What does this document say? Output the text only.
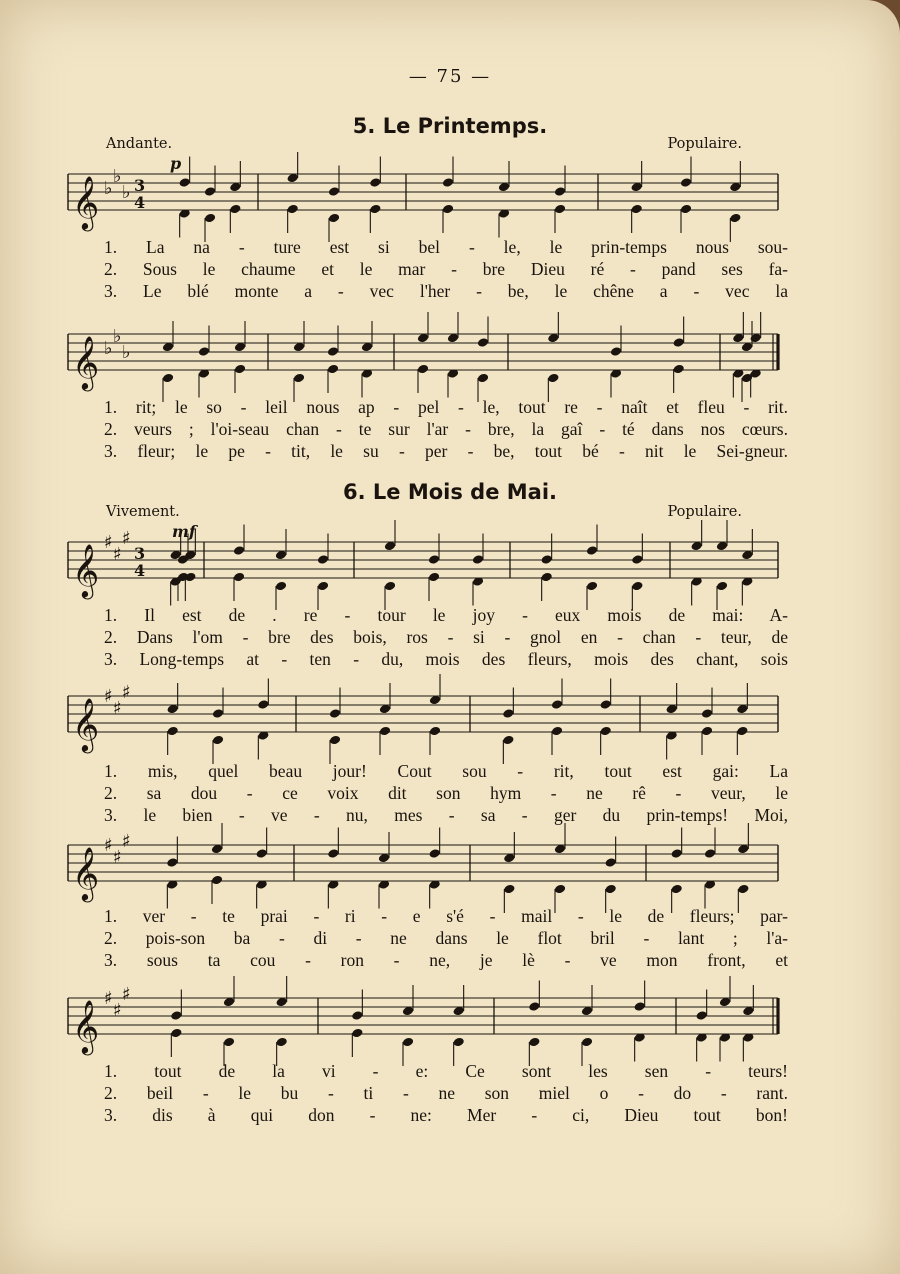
— 75 —
5. Le Printemps.
Andante.	Populaire.
p
1. La na - ture est si bel - le, le prin-temps nous sou-
2. Sous le chaume et le mar - bre Dieu ré - pand ses fa-
3. Le blé monte a - vec l'her - be, le chêne a - vec la
1. rit; le so - leil nous ap - pel - le, tout re - naît et fleu - rit.
2. veurs ; l'oi-seau chan - te sur l'ar - bre, la gaî - té dans nos cœurs.
3. fleur; le pe - tit, le su - per - be, tout bé - nit le Sei-gneur.
6. Le Mois de Mai.
Vivement.	Populaire.
mf
1. Il est de . re - tour le joy - eux mois de mai: A-
2. Dans l'om - bre des bois, ros - si - gnol en - chan - teur, de
3. Long-temps at - ten - du, mois des fleurs, mois des chant, sois
1. mis, quel beau jour! Cout sou - rit, tout est gai: La
2. sa dou - ce voix dit son hym - ne rê - veur, le
3. le bien - ve - nu, mes - sa - ger du prin-temps! Moi,
1. ver - te prai - ri - e s'é - mail - le de fleurs; par-
2. pois-son ba - di - ne dans le flot bril - lant ; l'a-
3. sous ta cou - ron - ne, je lè - ve mon front, et
1. tout de la vi - e: Ce sont les sen - teurs!
2. beil - le bu - ti - ne son miel o - do - rant.
3. dis à qui don - ne: Mer - ci, Dieu tout bon!
𝄞 ♭
♭
♭ 3
4
𝄞 ♭
♭
♭
𝄞
♯
♯
♯
3
4
𝄞
♯
♯
♯
𝄞
♯
♯
♯
𝄞
♯
♯
♯
